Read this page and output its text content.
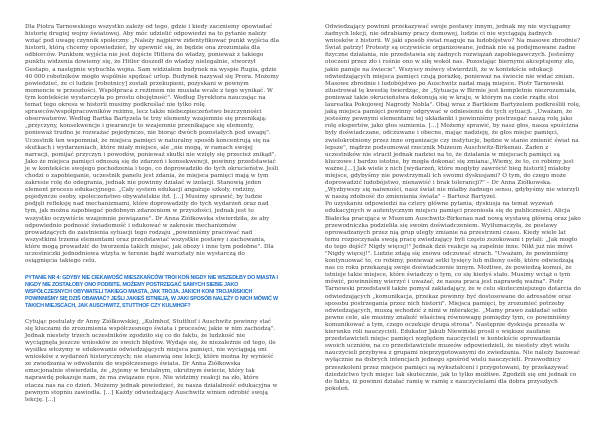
Dla Piotra Tarnowskiego wszystko zależy od tego, gdzie i kiedy zaczniemy opowiadać historię drugiej wojny światowej. Aby móc udzielić odpowiedzi na to pytanie należy wziąć pod uwagę czynnik społeczny. „Należy najpierw zidentyfikować punkt wyjścia dla historii, którą chcemy opowiedzieć, by upewnić się, że będzie ona zrozumiała dla odbiorców. Punktem wyjścia nie jest dojście Hitlera do władzy, ponieważ z takiego punktu widzenia dowiemy się, że Hitler doszedł do władzy nielegalnie, stworzył Gestapo, a następnie wybuchła wojna. Sam widziałem budynek na wyspie Rugia, gdzie 40 000 robotników mogło wspólnie spędzać urlop. Budynek nazywał się Prora. Możemy powiedzieć, że ci ludzie [robotnicy] zostali przekupieni, pozyskani w pewnym momencie w przeszłości. Współpraca z reżimem nie musiała wcale z tego wynikać. W tym kontekście wystarczyła po prostu obojętność". Według Dyrektora nauczając na temat tego okresu w historii musimy podkreślać nie tylko rolę sprawców/współpracowników reżimu, lecz także niebezpieczeństwo bezczynności obserwatorów. Według Bartka Bartyzela te trzy elementy wzajemnie się przenikają: „przyczyny, konsekwencje i gwarancje to wzajemnie przenikające się elementy, ponieważ trudno je rozważać pojedynczo, nie biorąc dwóch pozostałych pod uwagę". Uczestnik ten wspomniał, że miejsca pamięci w naturalny sposób koncentrują się na skutkach i wydarzeniach, które miały miejsce, ale „nie mogą, w ramach swojej narracji, pomijać przyczyn i powodów, ponieważ skutki nie wzięły się przecież znikąd". Jako że miejsca pamięci odnoszą się do zdarzeń i konsekwencji, powinny przedstawiać je w kontekście swojego pochodzenia i tego, co doprowadziło do tych okrucieństw. Jeśli chodzi o zapobieganie, uczestnik panelu jest zdania, że miejsca pamięci mają w tym zakresie rolę do odegrania, jednak nie powinny działać w izolacji. Stanowią jeden element procesu edukacyjnego. „Cały system edukacji angażuje szkoły, rodziny, pojedyncze osoby, społeczeństwo obywatelskie itd. [...] Musimy sprawić, by ludzie podjęli refleksję nad mechanizmami, które doprowadziły do tych wydarzeń oraz nad tym, jak można zapobiegać podobnym zdarzeniom w przyszłości, jednak jest to wszystko oczywiście wzajemnie powiązane". Dr Anna Ziółkowska stwierdziła, że aby odpowiednio podnosić świadomość i edukować w zakresie mechanizmów prowadzących do zaistnienia sytuacji tego rodzaju „powinniśmy pracować nad wszystkimi trzema elementami oraz przedstawiać wszystkie postawy i zachowania, które mogą prowadzić do tworzenia takich miejsc, jak obozy i inne tym podobne". Dla uczestniczki jednodniowa wizyta w terenie bądź warsztaty nie wystarczą do osiągnięcia takiego celu.

PYTANIE NR 4: GDYBY NIE CIEKAWOŚĆ MIESZKAŃCÓW TROI KOŃ NIGDY NIE WSZEDŁBY DO MIASTA I NIGDY NIE ZOSTAŁOBY ONO PODBITE. MOŻEMY POSTRZEGAĆ SAMYCH SIEBIE JAKO WSPÓŁCZESNYCH OBYWATELI TAKIEGO MIASTA, JAK TROJA. JAKICH KONI TROJAŃSKICH POWINNIŚMY SIĘ DZIŚ OBAWIAĆ? JEŚLI JAKIEŚ ISTNIEJĄ, W JAKI SPOSÓB NALEŻY O NICH MÓWIĆ W TAKICH MIEJSCACH, JAK AUSCHWITZ, STUTTHOF CZY KULMHOF?

Cytując postulaty dr Anny Ziółkowskiej, „Kulmhof, Stutthof i Auschwitz powinny stać się kluczami do zrozumienia współczesnego świata i procesów, jakie w nim zachodzą". Jednak niestety trzech uczestników zgodziło się co do faktu, że ludzkość nie wyciągnęła jeszcze wniosków ze swoich błędów. Wydaje się, że niezależnie od tego, ile wysiłku włożymy w edukowanie odwiedzających miejsca pamięci, nie wyciągają oni wniosków z wydarzeń historycznych; nie stanowią one lekcji, które można by wynieść ze zwiedzania w odwołaniu do współczesnego świata. Dr Anna Ziółkowska emocjonalnie stwierdziła, że „żyjemy w brutalnym, okrutnym świecie, który tak naprawdę pokazuje nam, że ma związane ręce. Nie widzimy reakcji na zło, które otacza nas na co dzień. Możemy jednak powiedzieć, że nasza działalność edukacyjna w pewnym stopniu zawiodła. [...] Każdy odwiedzający Auschwitz winien odrobić swoją lekcję. [...]

Odwiedzający powinni przekazywać swoje postawy innym, jednak my nie wyciągamy żadnych lekcji, nie odrabiamy pracy domowej, ludzie ci nie wyciągają żadnych wniosków z historii. W jaki sposób świat reaguje na ludobójstwo? Na masowe zbrodnie? Świat patrzy! Protesty są oczywiście organizowane, jednak nie są podejmowane żadne fizyczne działania, nie przedstawia się żadnych rozwiązań zapobiegawczych. Jesteśmy otoczeni przez zło i rośnie ono w siłę wokół nas. Pozostając biernymi akceptujemy zło, jakie panuje na świecie". Wszyscy mówcy stwierdzili, że w kontekście edukacji odwiedzających miejsca pamięci czują porażkę, ponieważ na świecie nie widać zmian. Masowe zbrodnie i ludobójstwo po Auschwitz nadal mają miejsce. Piotr Tarnowski zilustrował tę kwestię twierdząc, że „Sytuacja w Birmie jest kompletnie niezrozumiała, ponieważ takie okrucieństwa dokonują się w kraju, w którym na czele rządu stoi laureatka Pokojowej Nagrody Nobla". Obaj wraz z Bartkiem Bartyzelem podkreślili rolę, jaką miejsca pamięci powinny odgrywać w odniesieniu do tych sytuacji. „Uważam, że jesteśmy pewnymi elementami tej układanki i powinniśmy postrzegać naszą rolę jako rolę ekspertów, jako głos sumienia. [...] Możemy sprawić, by nasz głos, nasza spuścizna były doświadczane, odczuwane i obecne, mając nadzieję, że głos miejsc pamięci, zwielokrotniony przez inne organizacje czy instytucje, będzie w stanie zmienić świat na lepsze", mądrze podsumował rzecznik Muzeum Auschwitz-Birkenau. Żaden z uczestników nie stracił jednak nadziei na to, że działania w miejscach pamięci są kluczowe i bardzo istotne, by mogła dokonać się zmiana:„Wiemy, że to, co robimy jest ważne.[...] Jak wiele z nich [wydarzeń, które mogłyby zawrócić bieg historii] miałoby miejsce, gdybyśmy nie powstrzymali ich swoimi dyskusjami? O tym, do czego może doprowadzić ludobójstwo, nienawiść i brak tolerancji?" – Dr Anna Ziółkowska. „Wyzbywszy się naiwności, nasz świat nie miałby żadnego sensu, gdybyśmy nie wierzyli w naszą zdolność do zmieniania świata" – Bartosz Bartyzel.

Po uzyskaniu odpowiedzi na cztery główne pytania, dyskusja na temat wyzwań edukacyjnych w autentycznym miejscu pamięci przeniosła się do publiczności. Alicja Białecka pracująca w Muzeum Auschwitz-Birkenau nad nową wystawą główną oraz jako przewodniczka podzieliła się swoim doświadczeniem. Wytłumaczyła, że postawy oprowadzanych przez nią grup uległy zmianie na przestrzeni czasu. Kiedy wiele lat temu rozpoczynała swoją pracę zwiedzający byli często zszokowani i pytali: „Jak mogło do tego dojść? Nigdy więcej!" Jednak dziś reakcje są zupełnie inne. Nikt już nie mówi "Nigdy więcej!". Ludzie zdają się znowu odczuwać strach. "Uważam, że powinniśmy kontynuować to, co robimy, ponieważ setki tysięcy lub miliony osób, które odwiedzają nas co roku przekazują swoje doświadczenie innym. Możliwe, że powiedzą komuś, że istnieje takie miejsce, które świadczy o tym, co się kiedyś stało. Musimy wciąż o tym mówić, powinniśmy wierzyć i uważać, że nasza praca jest naprawdę ważna". Piotr Tarnowski przedstawił także pomysł zakładający, że w celu skuteczniejszego dotarcia do odwiedzających „komunikacja, przekaz powinny być dostosowane do adresatów oraz sposobu postrzegania przez nich historii". Miejsca pamięci, by zrozumieć potrzeby odwiedzających, muszą wchodzić z nimi w interakcje. „Mamy prawo zakładać sobie pewne cele, ale musimy znaleźć właściwą równowagę pomiędzy tym, co powinniśmy komunikować a tym, czego oczekuje druga strona". Następnie dyskusja przeszła w kierunku roli nauczycieli. Edukator Jakub Niewiński prosił o większe zaufanie przedstawicieli miejsc pamięci względem nauczycieli w kontekście oprowadzania swoich uczniów, na co przedstawiciele muzeów odpowiedzieli, że niestety zbyt wielu nauczycieli przybywa z grupami nieprzygotowanymi do zwiedzania. Nie należy bazować wyłącznie na dobrych intencjach jednego spośród wielu nauczycieli. Przewodnicy przeszkoleni przez miejsce pamięci są wykształceni i przygotowani, by przekazywać dziedzictwo tych miejsc tak skutecznie, jak to tylko możliwe. Zgodzili się oni jednak co do faktu, iż powinni działać ramię w ramię z nauczycielami dla dobra przyszłych pokoleń.
